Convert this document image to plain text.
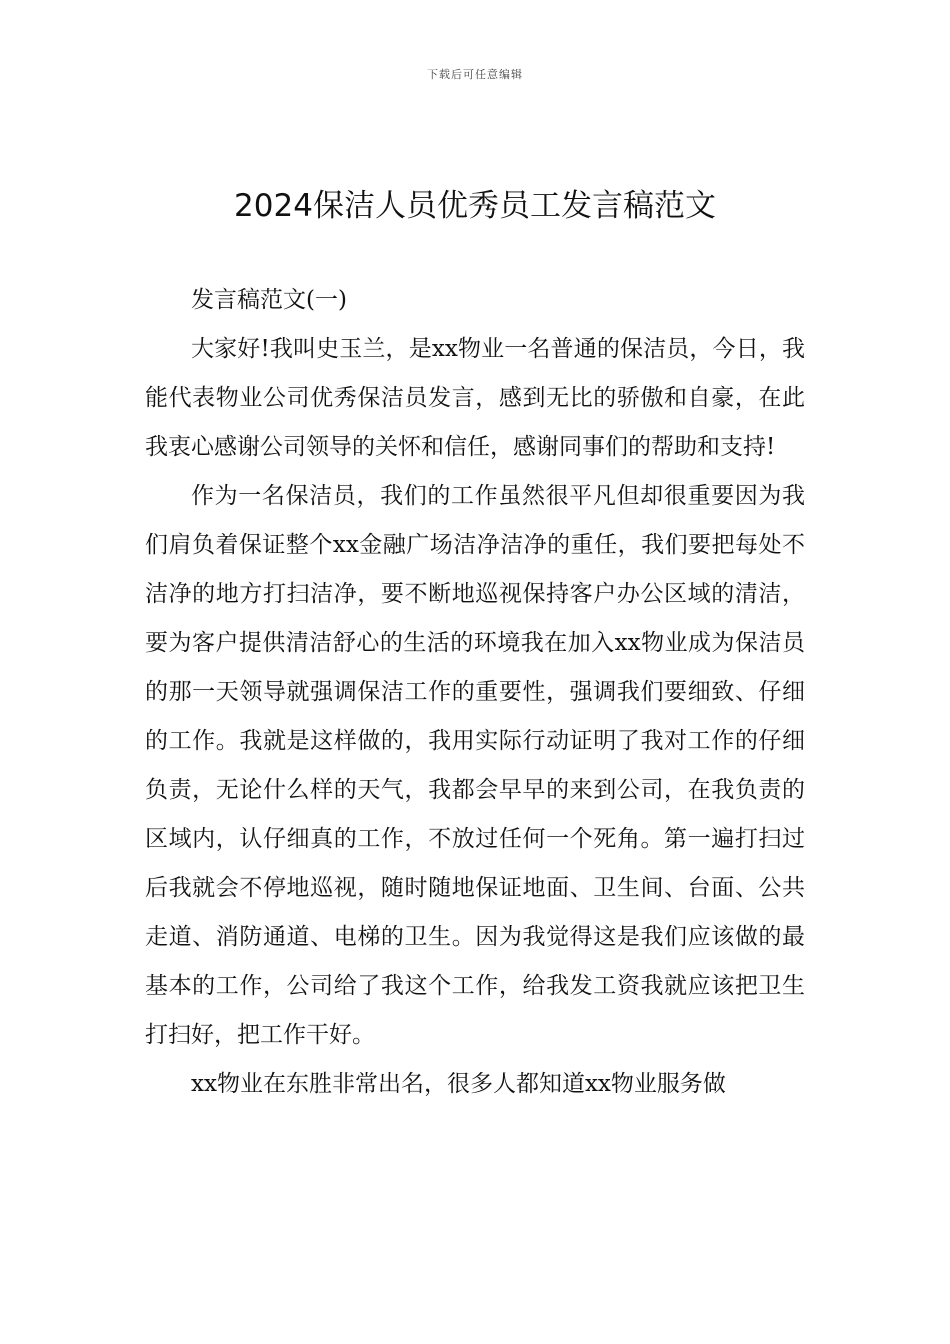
下载后可任意编辑
2024保洁人员优秀员工发言稿范文

发言稿范文(一)

大家好!我叫史玉兰，是xx物业一名普通的保洁员，今日，我能代表物业公司优秀保洁员发言，感到无比的骄傲和自豪，在此我衷心感谢公司领导的关怀和信任，感谢同事们的帮助和支持!

作为一名保洁员，我们的工作虽然很平凡但却很重要因为我们肩负着保证整个xx金融广场洁净洁净的重任，我们要把每处不洁净的地方打扫洁净，要不断地巡视保持客户办公区域的清洁，要为客户提供清洁舒心的生活的环境我在加入xx物业成为保洁员的那一天领导就强调保洁工作的重要性，强调我们要细致、仔细的工作。我就是这样做的，我用实际行动证明了我对工作的仔细负责，无论什么样的天气，我都会早早的来到公司，在我负责的区域内，认仔细真的工作，不放过任何一个死角。第一遍打扫过后我就会不停地巡视，随时随地保证地面、卫生间、台面、公共走道、消防通道、电梯的卫生。因为我觉得这是我们应该做的最基本的工作，公司给了我这个工作，给我发工资我就应该把卫生打扫好，把工作干好。

xx物业在东胜非常出名，很多人都知道xx物业服务做
